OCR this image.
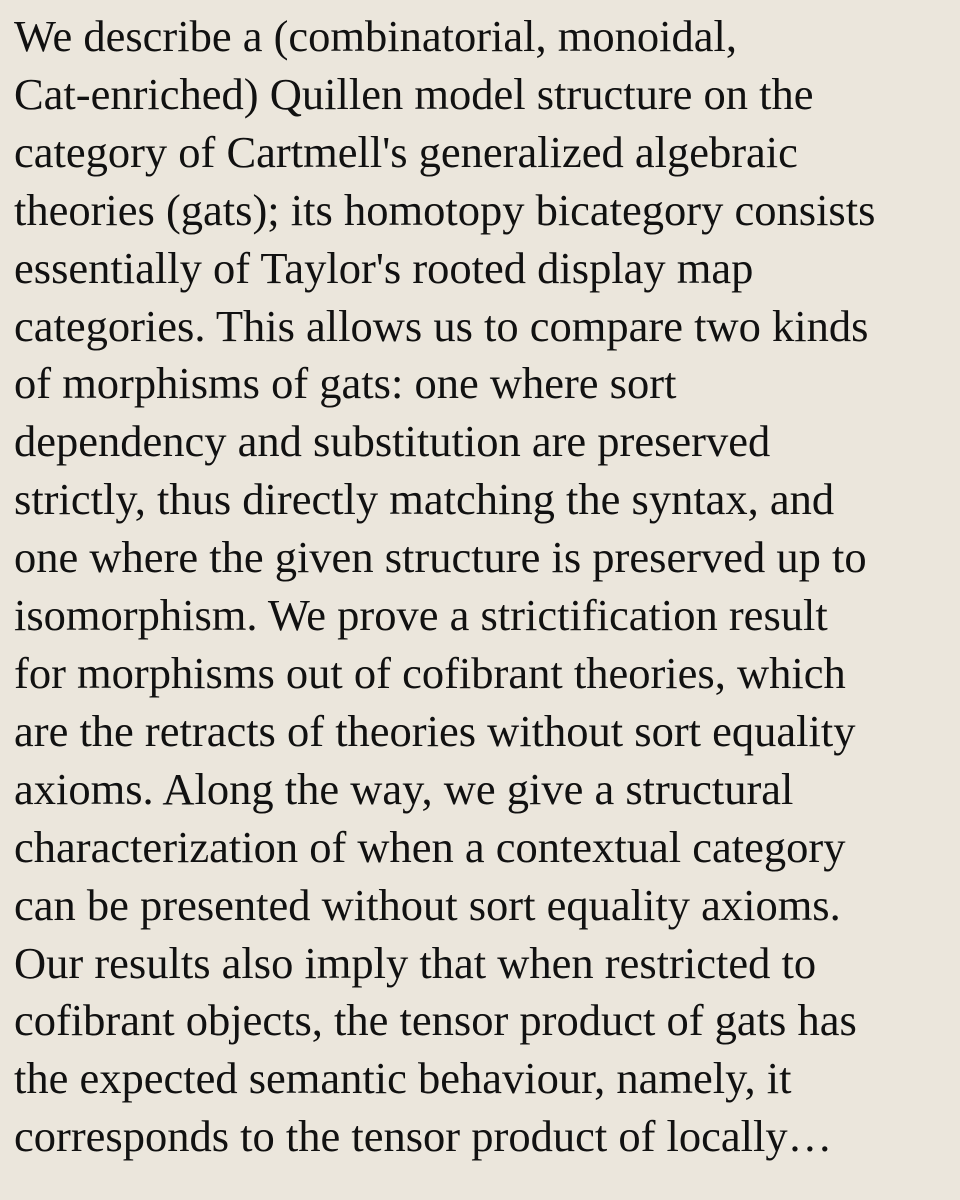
We describe a (combinatorial, monoidal,
Cat-enriched) Quillen model structure on the
category of Cartmell's generalized algebraic
theories (gats); its homotopy bicategory consists
essentially of Taylor's rooted display map
categories. This allows us to compare two kinds
of morphisms of gats: one where sort
dependency and substitution are preserved
strictly, thus directly matching the syntax, and
one where the given structure is preserved up to
isomorphism. We prove a strictification result
for morphisms out of cofibrant theories, which
are the retracts of theories without sort equality
axioms. Along the way, we give a structural
characterization of when a contextual category
can be presented without sort equality axioms.
Our results also imply that when restricted to
cofibrant objects, the tensor product of gats has
the expected semantic behaviour, namely, it
corresponds to the tensor product of locally…
